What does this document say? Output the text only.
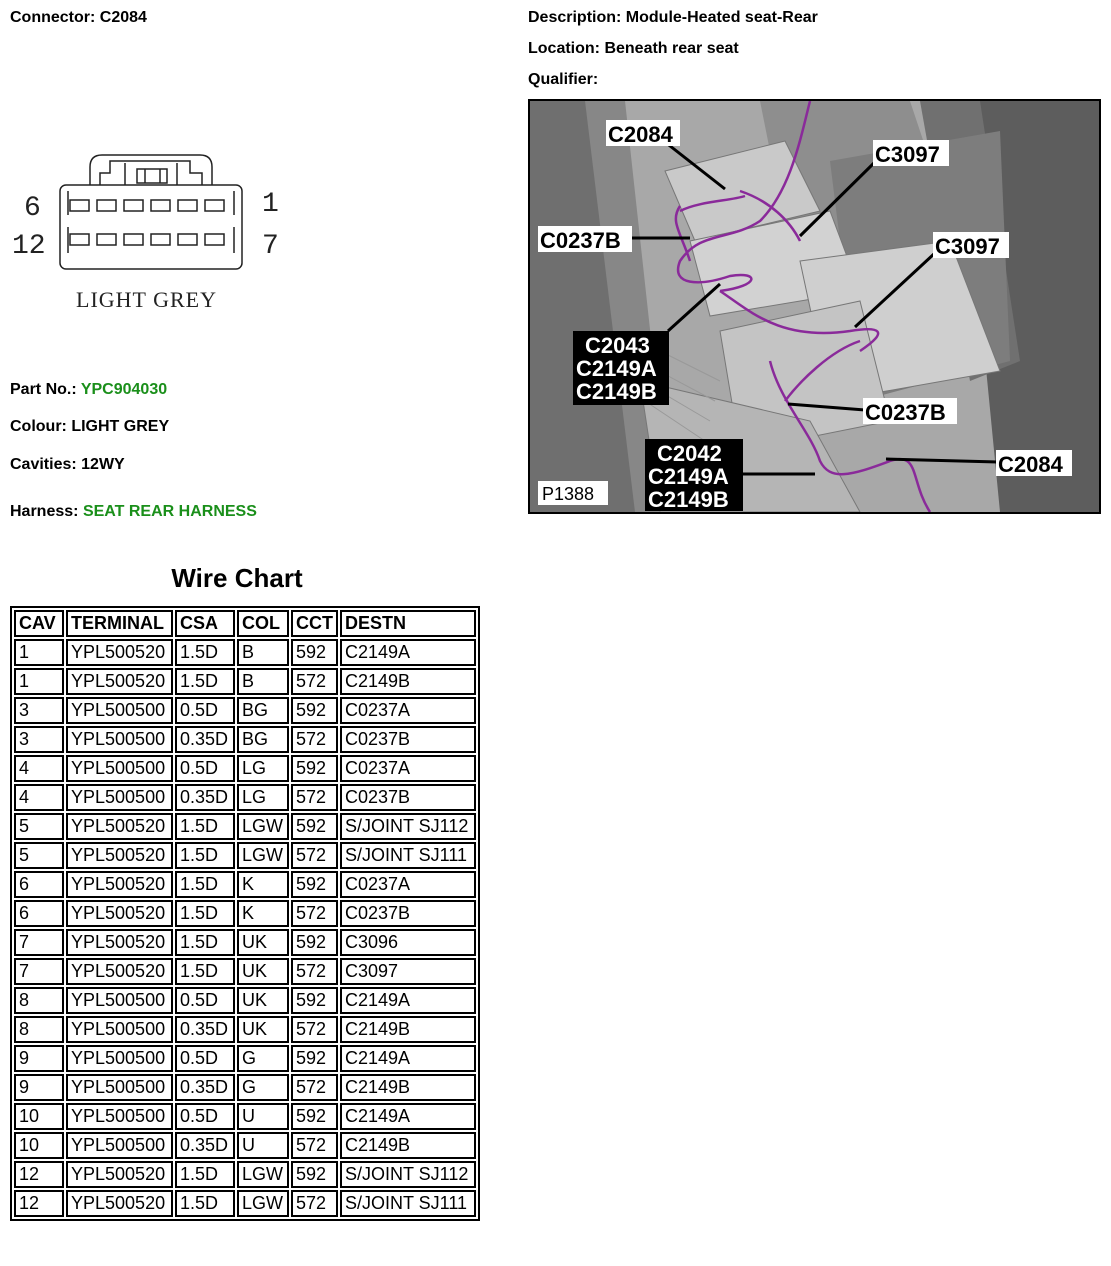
Connector: C2084	Description: Module-Heated seat-Rear
Location: Beneath rear seat
Qualifier:
6	1
12	7
LIGHT GREY
Part No.: YPC904030
Colour: LIGHT GREY
Cavities: 12WY
Harness: SEAT REAR HARNESS
C2084
C3097
C0237B	C3097
C2043
C2149A
C2149B
C0237B
C2042
C2149A
C2149B
C2084
P1388
Wire Chart
CAV	TERMINAL	CSA	COL	CCT	DESTN
1	YPL500520	1.5D	B	592	C2149A
1	YPL500520	1.5D	B	572	C2149B
3	YPL500500	0.5D	BG	592	C0237A
3	YPL500500	0.35D	BG	572	C0237B
4	YPL500500	0.5D	LG	592	C0237A
4	YPL500500	0.35D	LG	572	C0237B
5	YPL500520	1.5D	LGW	592	S/JOINT SJ112
5	YPL500520	1.5D	LGW	572	S/JOINT SJ111
6	YPL500520	1.5D	K	592	C0237A
6	YPL500520	1.5D	K	572	C0237B
7	YPL500520	1.5D	UK	592	C3096
7	YPL500520	1.5D	UK	572	C3097
8	YPL500500	0.5D	UK	592	C2149A
8	YPL500500	0.35D	UK	572	C2149B
9	YPL500500	0.5D	G	592	C2149A
9	YPL500500	0.35D	G	572	C2149B
10	YPL500500	0.5D	U	592	C2149A
10	YPL500500	0.35D	U	572	C2149B
12	YPL500520	1.5D	LGW	592	S/JOINT SJ112
12	YPL500520	1.5D	LGW	572	S/JOINT SJ111
